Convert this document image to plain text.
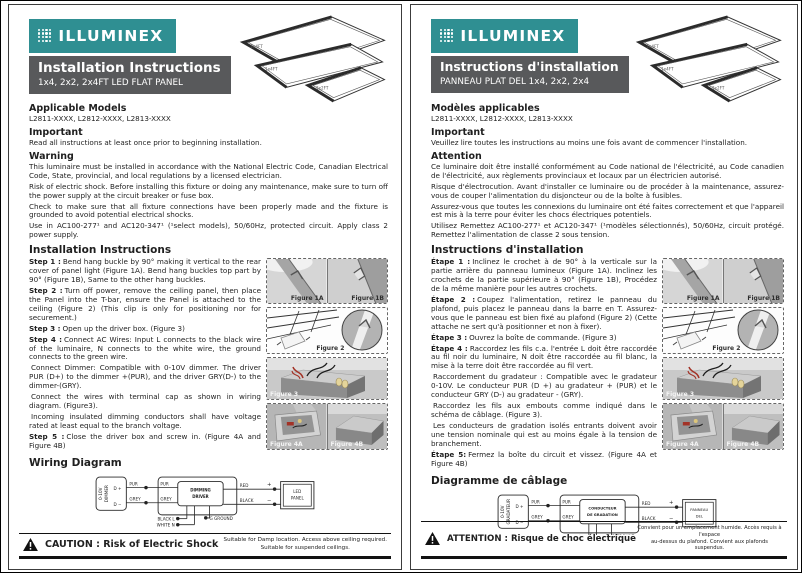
ILLUMINEX
Installation Instructions
1x4, 2x2, 2x4FT LED FLAT PANEL
2x4FT
1x4FT
2x2FT
Applicable Models

L2811-XXXX, L2812-XXXX, L2813-XXXX

Important

Read all instructions at least once prior to beginning installation.

Warning

This luminaire must be installed in accordance with the National Electric Code, Canadian Electrical Code, State, provincial, and local regulations by a licensed electrician.

Risk of electric shock. Before installing this fixture or doing any maintenance, make sure to turn off the power supply at the circuit breaker or fuse box.

Check to make sure that all fixture connections have been properly made and the fixture is grounded to avoid potential electrical shocks.

Use in AC100-277¹ and AC120-347¹ (¹select models), 50/60Hz, protected circuit. Apply class 2 power supply.

Installation Instructions

Step 1 : Bend hang buckle by 90° making it vertical to the rear cover of panel light (Figure 1A). Bend hang buckles top part by 90° (Figure 1B), Same to the other hang buckles.

Step 2 : Turn off power, remove the ceiling panel, then place the Panel into the T-bar, ensure the Panel is attached to the ceiling (Figure 2) (This clip is only for positioning nor for securement.)

Step 3 : Open up the driver box. (Figure 3)

Step 4 : Connect AC Wires: Input L connects to the black wire of the luminaire, N connects to the white wire, the ground connects to the green wire.

Connect Dimmer: Compatible with 0-10V dimmer. The driver PUR (D+) to the dimmer +(PUR), and the driver GRY(D-) to the dimmer-(GRY).

Connect the wires with terminal cap as shown in wiring diagram. (Figure3).

Incoming insulated dimming conductors shall have voltage rated at least equal to the branch voltage.

Step 5 : Close the driver box and screw in. (Figure 4A and Figure 4B)

Figure 1A	Figure 1B
Figure 2
Figure 3
Figure 4A	Figure 4B
Wiring Diagram
0-10V DIMMER D +
D −
PUR
GREY
PUR
GREY
DIMMING
DRIVER
RED
BLACK
+
−
LED
PANEL
BLACK L
WHITE N
G GROUND
CAUTION : Risk of Electric Shock Suitable for Damp location. Access above ceiling required.
Suitable for suspended ceilings.
ILLUMINEX
Instructions d'installation
PANNEAU PLAT DEL 1x4, 2x2, 2x4
2x4FT
1x4FT
2x2FT
Modèles applicables

L2811-XXXX, L2812-XXXX, L2813-XXXX

Important

Veuillez lire toutes les instructions au moins une fois avant de commencer l'installation.

Attention

Ce luminaire doit être installé conformément au Code national de l'électricité, au Code canadien de l'électricité, aux règlements provinciaux et locaux par un électricien autorisé.

Risque d'électrocution. Avant d'installer ce luminaire ou de procéder à la maintenance, assurez-vous de couper l'alimentation du disjoncteur ou de la boîte à fusibles.

Assurez-vous que toutes les connexions du luminaire ont été faites correctement et que l'appareil est mis à la terre pour éviter les chocs électriques potentiels.

Utilisez Remettez AC100-277¹ et AC120-347¹ (¹modèles sélectionnés), 50/60Hz, circuit protégé. Remettez l'alimentation de classe 2 sous tension.

Instructions d'installation

Étape 1 : Inclinez le crochet à de 90° à la verticale sur la partie arrière du panneau lumineux (Figure 1A). Inclinez les crochets de la partie supérieure à 90° (Figure 1B), Procédez de la même manière pour les autres crochets.

Étape 2 : Coupez l'alimentation, retirez le panneau du plafond, puis placez le panneau dans la barre en T. Assurez-vous que le panneau est bien fixé au plafond (Figure 2) (Cette attache ne sert qu'à positionner et non à fixer).

Étape 3 : Ouvrez la boîte de commande. (Figure 3)

Étape 4 : Raccordez les fils c.a. l'entrée L doit être raccordée au fil noir du luminaire, N doit être raccordée au fil blanc, la mise à la terre doit être raccordée au fil vert.

Raccordement du gradateur : Compatible avec le gradateur 0-10V. Le conducteur PUR (D +) au gradateur + (PUR) et le conducteur GRY (D-) au gradateur - (GRY).

Raccordez les fils aux embouts comme indiqué dans le schéma de câblage. (Figure 3).

Les conducteurs de gradation isolés entrants doivent avoir une tension nominale qui est au moins égale à la tension de branchement.

Étape 5: Fermez la boîte du circuit et vissez. (Figure 4A et Figure 4B)

Figure 1A	Figure 1B
Figure 2
Figure 3
Figure 4A	Figure 4B
Diagramme de câblage
0-10V GRADATEUR D +
D −
PUR
GREY
PUR
GREY
CONDUCTEUR
DE GRADATION
RED
BLACK
+
−
PANNEAU
DEL
ATTENTION : Risque de choc électrique
Convient pour un emplacement humide. Accès requis à l'espace
au-dessus du plafond. Convient aux plafonds suspendus.
